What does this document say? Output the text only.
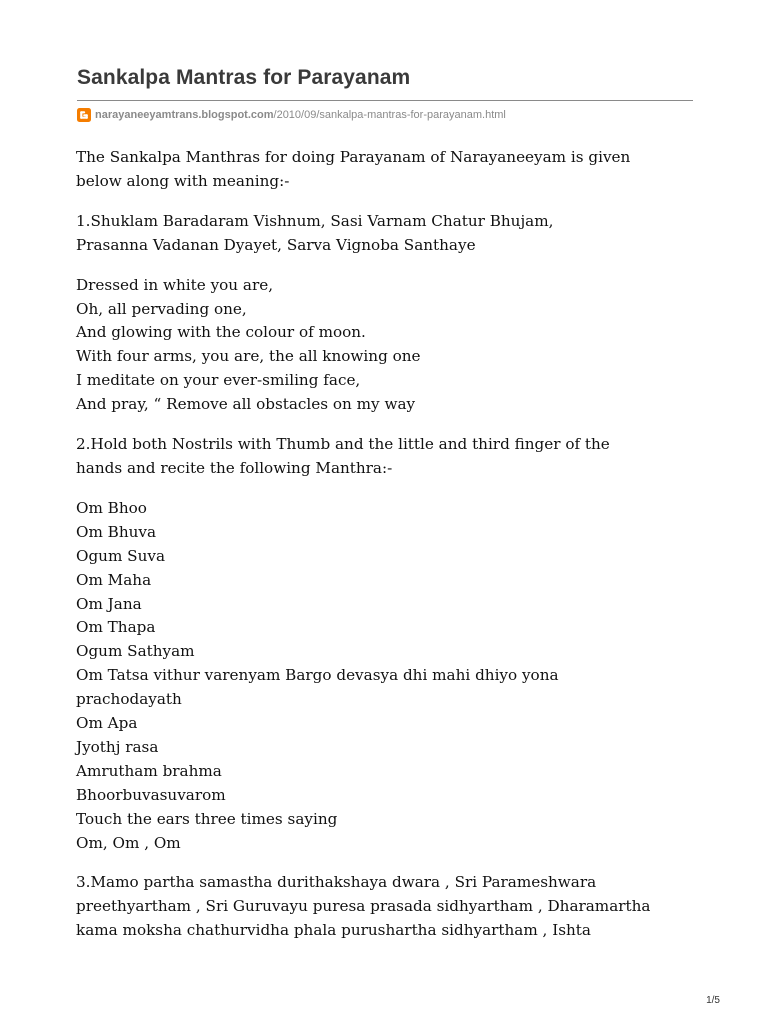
Sankalpa Mantras for Parayanam
narayaneeyamtrans.blogspot.com /2010/09/sankalpa-mantras-for-parayanam.html

The Sankalpa Manthras for doing Parayanam of Narayaneeyam is given
below along with meaning:-

1.Shuklam Baradaram Vishnum, Sasi Varnam Chatur Bhujam,
Prasanna Vadanan Dyayet, Sarva Vignoba Santhaye

Dressed in white you are,
Oh, all pervading one,
And glowing with the colour of moon.
With four arms, you are, the all knowing one
I meditate on your ever-smiling face,
And pray, “ Remove all obstacles on my way

2.Hold both Nostrils with Thumb and the little and third finger of the
hands and recite the following Manthra:-

Om Bhoo
Om Bhuva
Ogum Suva
Om Maha
Om Jana
Om Thapa
Ogum Sathyam
Om Tatsa vithur varenyam Bargo devasya dhi mahi dhiyo yona
prachodayath
Om Apa
Jyothj rasa
Amrutham brahma
Bhoorbuvasuvarom
Touch the ears three times saying
Om, Om , Om

3.Mamo partha samastha durithakshaya dwara , Sri Parameshwara
preethyartham , Sri Guruvayu puresa prasada sidhyartham , Dharamartha
kama moksha chathurvidha phala purushartha sidhyartham , Ishta

1/5
